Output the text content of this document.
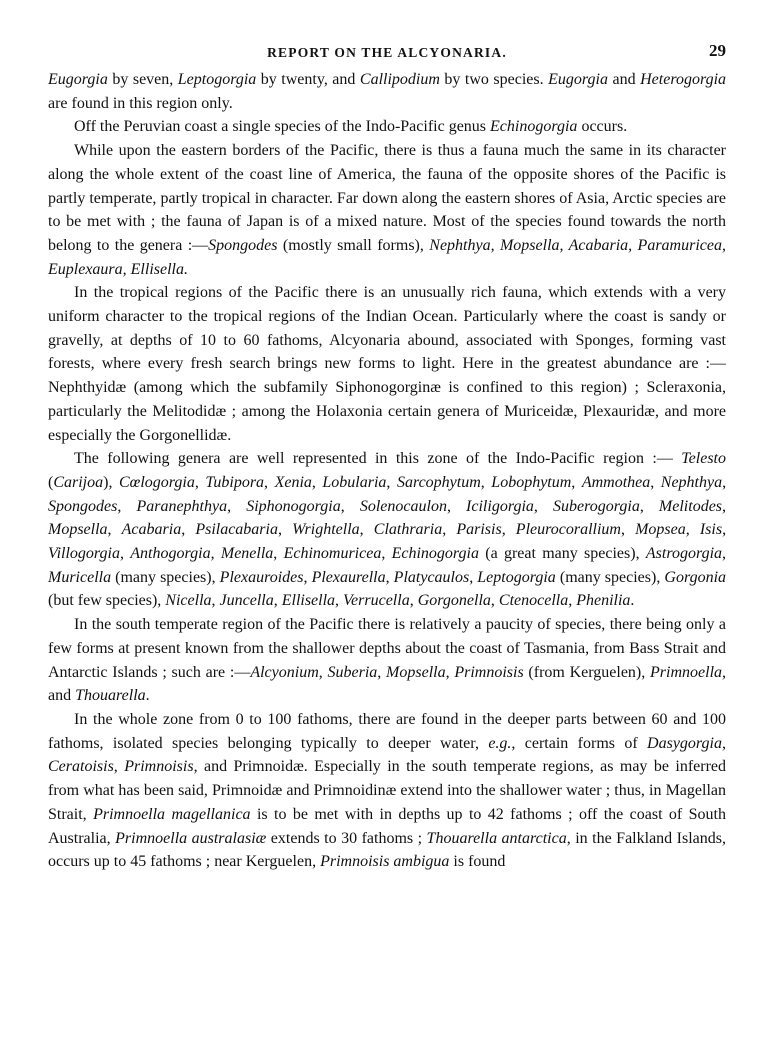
REPORT ON THE ALCYONARIA.	29

Eugorgia by seven, Leptogorgia by twenty, and Callipodium by two species. Eugorgia and Heterogorgia are found in this region only.

Off the Peruvian coast a single species of the Indo-Pacific genus Echinogorgia occurs.

While upon the eastern borders of the Pacific, there is thus a fauna much the same in its character along the whole extent of the coast line of America, the fauna of the opposite shores of the Pacific is partly temperate, partly tropical in character. Far down along the eastern shores of Asia, Arctic species are to be met with ; the fauna of Japan is of a mixed nature. Most of the species found towards the north belong to the genera :—Spongodes (mostly small forms), Nephthya, Mopsella, Acabaria, Paramuricea, Euplexaura, Ellisella.

In the tropical regions of the Pacific there is an unusually rich fauna, which extends with a very uniform character to the tropical regions of the Indian Ocean. Particularly where the coast is sandy or gravelly, at depths of 10 to 60 fathoms, Alcyonaria abound, associated with Sponges, forming vast forests, where every fresh search brings new forms to light. Here in the greatest abundance are :—Nephthyidæ (among which the subfamily Siphonogorginæ is confined to this region) ; Scleraxonia, particularly the Melitodidæ ; among the Holaxonia certain genera of Muriceidæ, Plexauridæ, and more especially the Gorgonellidæ.

The following genera are well represented in this zone of the Indo-Pacific region :— Telesto (Carijoa), Cœlogorgia, Tubipora, Xenia, Lobularia, Sarcophytum, Lobophytum, Ammothea, Nephthya, Spongodes, Paranephthya, Siphonogorgia, Solenocaulon, Iciligorgia, Suberogorgia, Melitodes, Mopsella, Acabaria, Psilacabaria, Wrightella, Clathraria, Parisis, Pleurocorallium, Mopsea, Isis, Villogorgia, Anthogorgia, Menella, Echinomuricea, Echinogorgia (a great many species), Astrogorgia, Muricella (many species), Plexauroides, Plexaurella, Platycaulos, Leptogorgia (many species), Gorgonia (but few species), Nicella, Juncella, Ellisella, Verrucella, Gorgonella, Ctenocella, Phenilia.

In the south temperate region of the Pacific there is relatively a paucity of species, there being only a few forms at present known from the shallower depths about the coast of Tasmania, from Bass Strait and Antarctic Islands ; such are :—Alcyonium, Suberia, Mopsella, Primnoisis (from Kerguelen), Primnoella, and Thouarella.

In the whole zone from 0 to 100 fathoms, there are found in the deeper parts between 60 and 100 fathoms, isolated species belonging typically to deeper water, e.g., certain forms of Dasygorgia, Ceratoisis, Primnoisis, and Primnoidæ. Especially in the south temperate regions, as may be inferred from what has been said, Primnoidæ and Primnoidinæ extend into the shallower water ; thus, in Magellan Strait, Primnoella magellanica is to be met with in depths up to 42 fathoms ; off the coast of South Australia, Primnoella australasiæ extends to 30 fathoms ; Thouarella antarctica, in the Falkland Islands, occurs up to 45 fathoms ; near Kerguelen, Primnoisis ambigua is found
